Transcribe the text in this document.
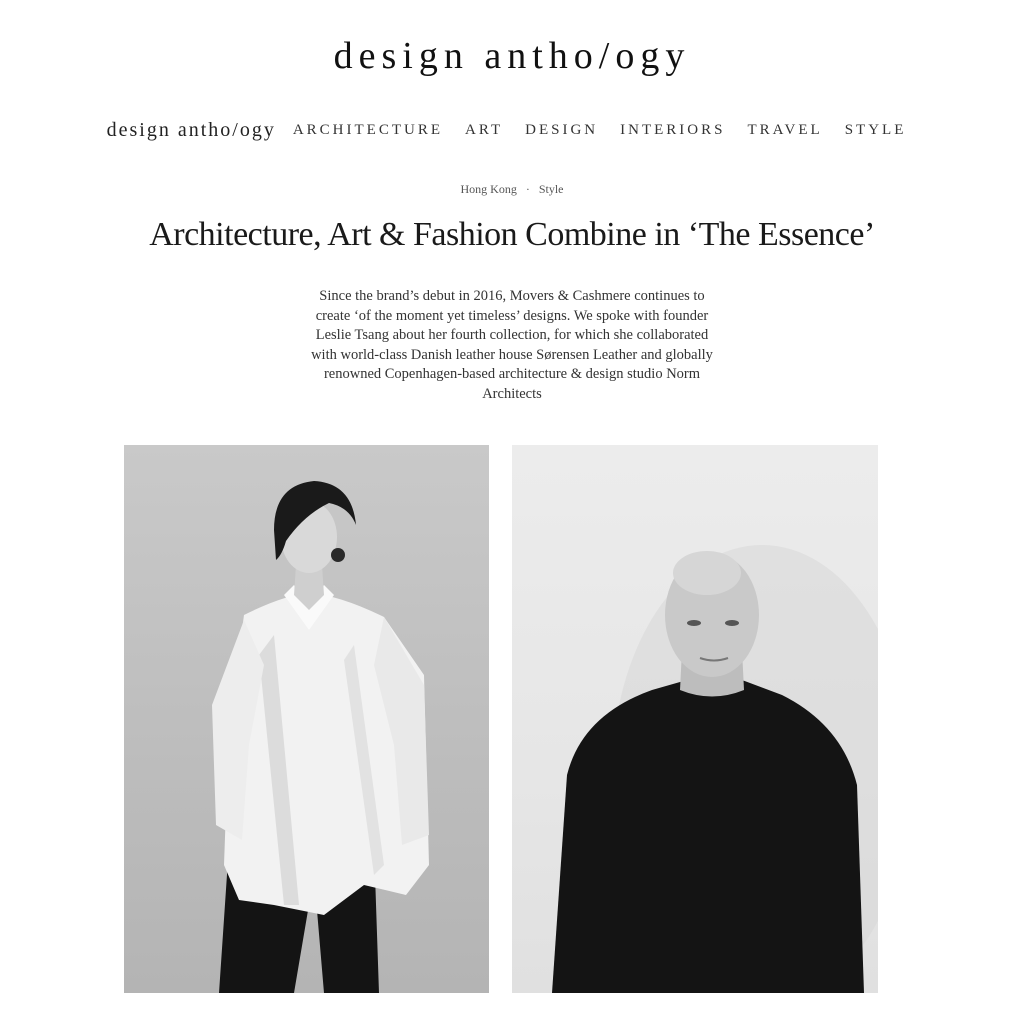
design antho/ogy
design antho/ogy ARCHITECTURE ART DESIGN INTERIORS TRAVEL STYLE
Hong Kong · Style
Architecture, Art & Fashion Combine in ‘The Essence’
Since the brand’s debut in 2016, Movers & Cashmere continues to
create ‘of the moment yet timeless’ designs. We spoke with founder
Leslie Tsang about her fourth collection, for which she collaborated
with world-class Danish leather house Sørensen Leather and globally
renowned Copenhagen-based architecture & design studio Norm
Architects
